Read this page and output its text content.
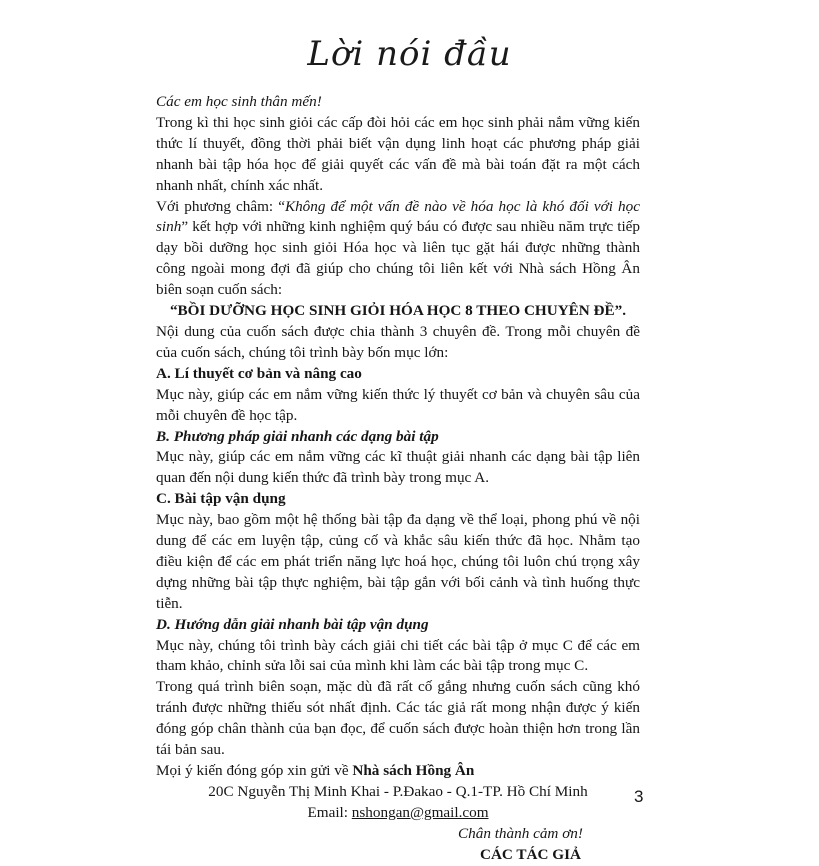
Lời nói đầu

Các em học sinh thân mến!

Trong kì thi học sinh giỏi các cấp đòi hỏi các em học sinh phải nắm vững kiến thức lí thuyết, đồng thời phải biết vận dụng linh hoạt các phương pháp giải nhanh bài tập hóa học để giải quyết các vấn đề mà bài toán đặt ra một cách nhanh nhất, chính xác nhất.

Với phương châm: “Không để một vấn đề nào về hóa học là khó đối với học sinh” kết hợp với những kinh nghiệm quý báu có được sau nhiều năm trực tiếp dạy bồi dưỡng học sinh giỏi Hóa học và liên tục gặt hái được những thành công ngoài mong đợi đã giúp cho chúng tôi liên kết với Nhà sách Hồng Ân biên soạn cuốn sách:

“BỒI DƯỠNG HỌC SINH GIỎI HÓA HỌC 8 THEO CHUYÊN ĐỀ”.

Nội dung của cuốn sách được chia thành 3 chuyên đề. Trong mỗi chuyên đề của cuốn sách, chúng tôi trình bày bốn mục lớn:

A. Lí thuyết cơ bản và nâng cao

Mục này, giúp các em nắm vững kiến thức lý thuyết cơ bản và chuyên sâu của mỗi chuyên đề học tập.

B. Phương pháp giải nhanh các dạng bài tập

Mục này, giúp các em nắm vững các kĩ thuật giải nhanh các dạng bài tập liên quan đến nội dung kiến thức đã trình bày trong mục A.

C. Bài tập vận dụng

Mục này, bao gồm một hệ thống bài tập đa dạng về thể loại, phong phú về nội dung để các em luyện tập, củng cố và khắc sâu kiến thức đã học. Nhằm tạo điều kiện để các em phát triển năng lực hoá học, chúng tôi luôn chú trọng xây dựng những bài tập thực nghiệm, bài tập gắn với bối cảnh và tình huống thực tiễn.

D. Hướng dẫn giải nhanh bài tập vận dụng

Mục này, chúng tôi trình bày cách giải chi tiết các bài tập ở mục C để các em tham khảo, chỉnh sửa lỗi sai của mình khi làm các bài tập trong mục C.

Trong quá trình biên soạn, mặc dù đã rất cố gắng nhưng cuốn sách cũng khó tránh được những thiếu sót nhất định. Các tác giả rất mong nhận được ý kiến đóng góp chân thành của bạn đọc, để cuốn sách được hoàn thiện hơn trong lần tái bản sau.

Mọi ý kiến đóng góp xin gửi về Nhà sách Hồng Ân

20C Nguyễn Thị Minh Khai - P.Đakao - Q.1-TP. Hồ Chí Minh

Email: nshongan@gmail.com

Chân thành cảm ơn!

CÁC TÁC GIẢ

3
